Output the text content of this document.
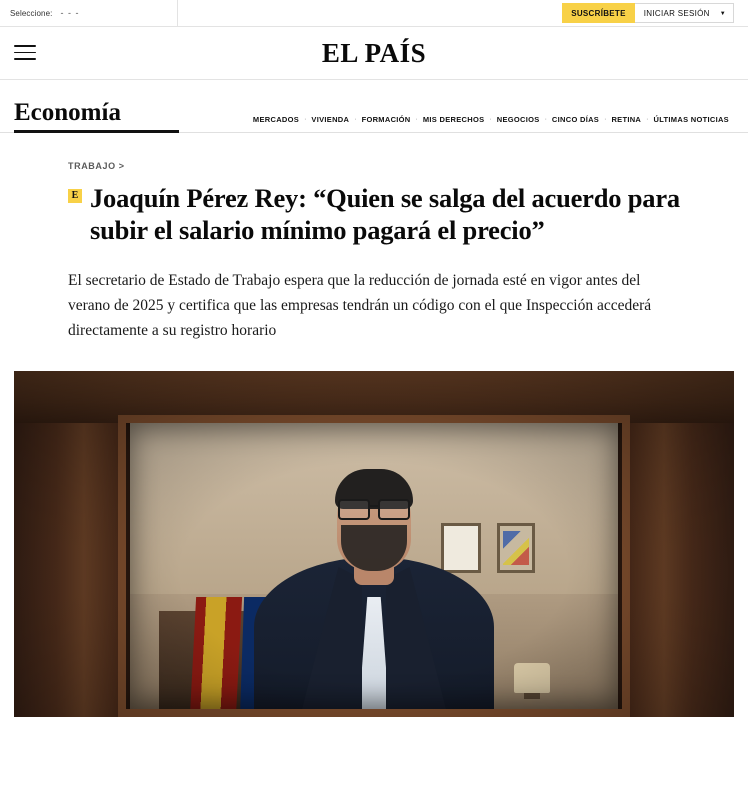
Seleccione: - - -	SUSCRÍBETE	INICIAR SESIÓN ▼
EL PAÍS
Economía	MERCADOS · VIVIENDA · FORMACIÓN · MIS DERECHOS · NEGOCIOS · CINCO DÍAS · RETINA · ÚLTIMAS NOTICIAS
TRABAJO >
E Joaquín Pérez Rey: “Quien se salga del acuerdo para subir el salario mínimo pagará el precio”

El secretario de Estado de Trabajo espera que la reducción de jornada esté en vigor antes del verano de 2025 y certifica que las empresas tendrán un código con el que Inspección accederá directamente a su registro horario
